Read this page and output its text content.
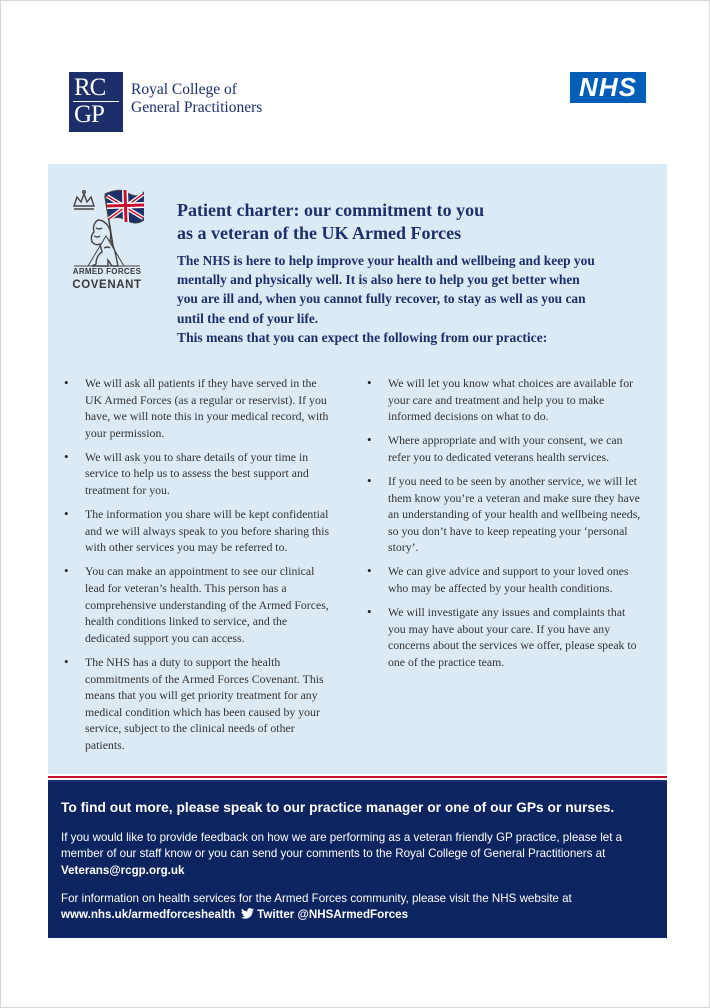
RC
GP
Royal College of
General Practitioners
NHS
ARMED FORCES
COVENANT
Patient charter: our commitment to you
as a veteran of the UK Armed Forces

The NHS is here to help improve your health and wellbeing and keep you mentally and physically well. It is also here to help you get better when you are ill and, when you cannot fully recover, to stay as well as you can until the end of your life.

This means that you can expect the following from our practice:
• We will ask all patients if they have served in the UK Armed Forces (as a regular or reservist). If you have, we will note this in your medical record, with your permission.
• We will ask you to share details of your time in service to help us to assess the best support and treatment for you.
• The information you share will be kept confidential and we will always speak to you before sharing this with other services you may be referred to.
• You can make an appointment to see our clinical lead for veteran’s health. This person has a comprehensive understanding of the Armed Forces, health conditions linked to service, and the dedicated support you can access.
• The NHS has a duty to support the health commitments of the Armed Forces Covenant. This means that you will get priority treatment for any medical condition which has been caused by your service, subject to the clinical needs of other patients.
• We will let you know what choices are available for your care and treatment and help you to make informed decisions on what to do.
• Where appropriate and with your consent, we can refer you to dedicated veterans health services.
• If you need to be seen by another service, we will let them know you’re a veteran and make sure they have an understanding of your health and wellbeing needs, so you don’t have to keep repeating your ‘personal story’.
• We can give advice and support to your loved ones who may be affected by your health conditions.
• We will investigate any issues and complaints that you may have about your care. If you have any concerns about the services we offer, please speak to one of the practice team.
To find out more, please speak to our practice manager or one of our GPs or nurses.
If you would like to provide feedback on how we are performing as a veteran friendly GP practice, please let a member of our staff know or you can send your comments to the Royal College of General Practitioners at Veterans@rcgp.org.uk
For information on health services for the Armed Forces community, please visit the NHS website at www.nhs.uk/armedforceshealth Twitter @NHSArmedForces
